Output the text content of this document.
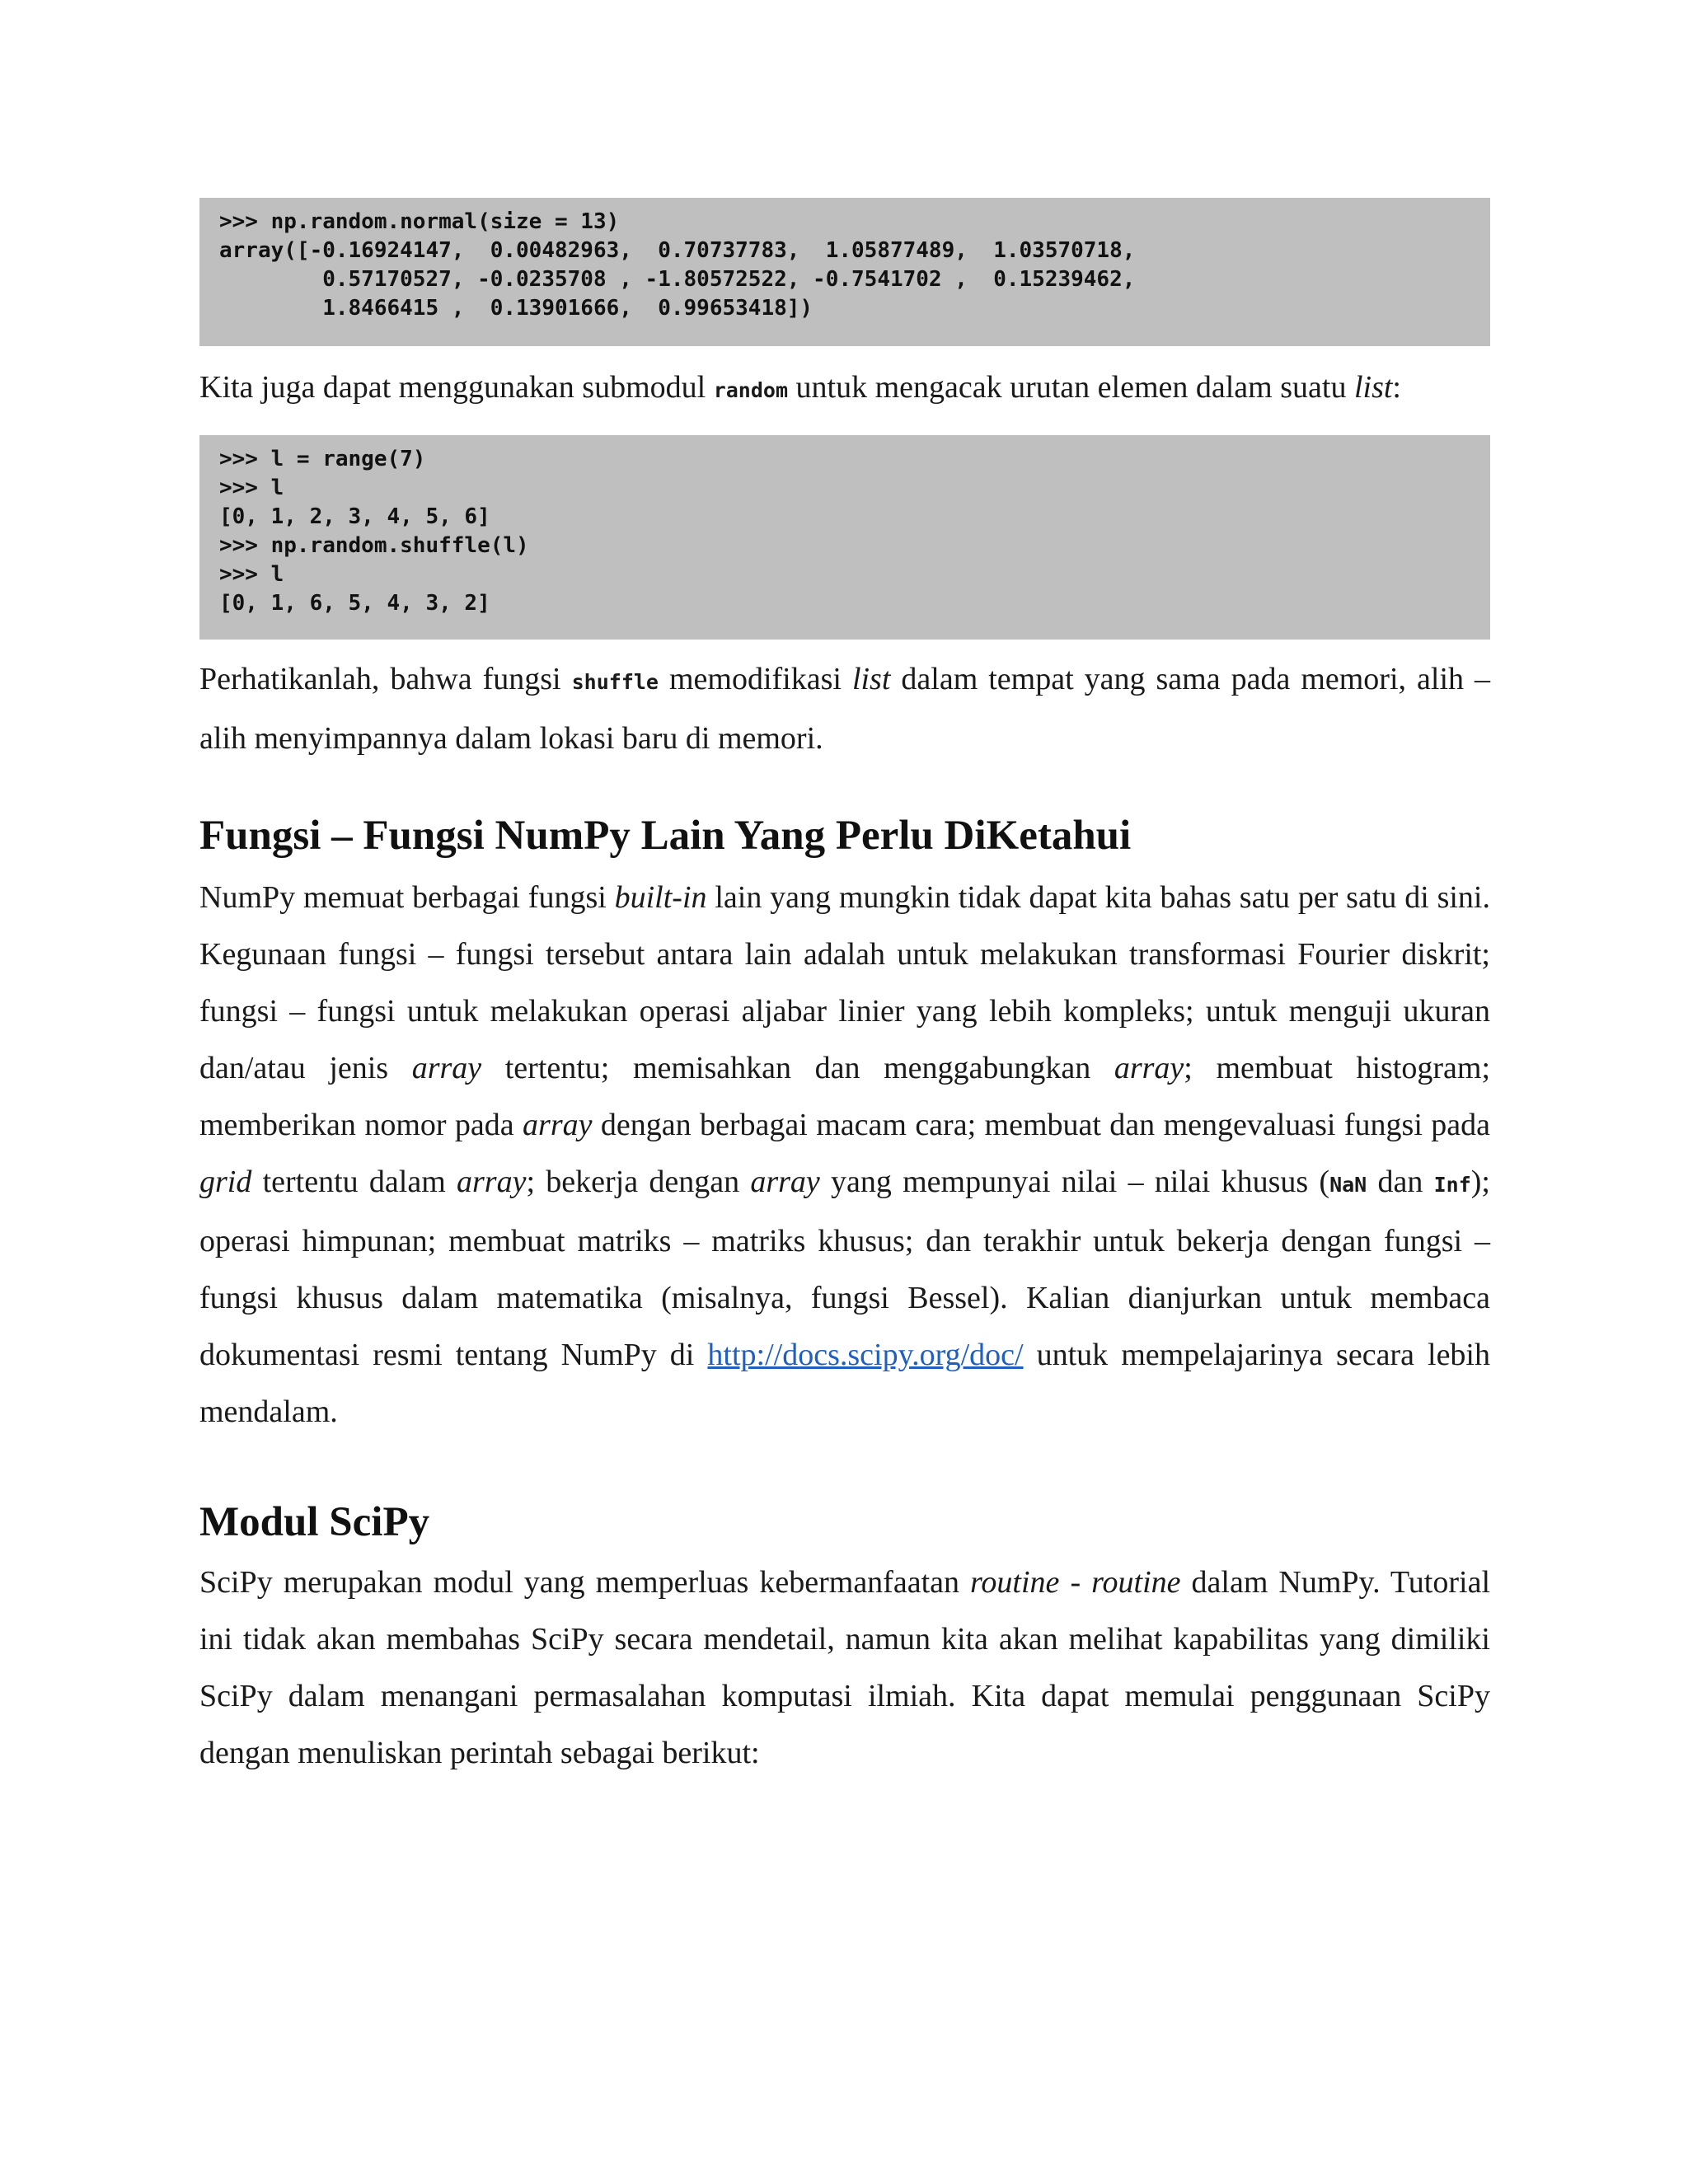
>>> np.random.normal(size = 13)
array([-0.16924147,  0.00482963,  0.70737783,  1.05877489,  1.03570718,
0.57170527, -0.0235708 , -1.80572522, -0.7541702 ,  0.15239462,
1.8466415 ,  0.13901666,  0.99653418])

Kita juga dapat menggunakan submodul random untuk mengacak urutan elemen dalam suatu list:

>>> l = range(7)
>>> l
[0, 1, 2, 3, 4, 5, 6]
>>> np.random.shuffle(l)
>>> l
[0, 1, 6, 5, 4, 3, 2]

Perhatikanlah, bahwa fungsi shuffle memodifikasi list dalam tempat yang sama pada memori, alih – alih menyimpannya dalam lokasi baru di memori.

Fungsi – Fungsi NumPy Lain Yang Perlu DiKetahui

NumPy memuat berbagai fungsi built-in lain yang mungkin tidak dapat kita bahas satu per satu di sini. Kegunaan fungsi – fungsi tersebut antara lain adalah untuk melakukan transformasi Fourier diskrit; fungsi – fungsi untuk melakukan operasi aljabar linier yang lebih kompleks; untuk menguji ukuran dan/atau jenis array tertentu; memisahkan dan menggabungkan array; membuat histogram; memberikan nomor pada array dengan berbagai macam cara; membuat dan mengevaluasi fungsi pada grid tertentu dalam array; bekerja dengan array yang mempunyai nilai – nilai khusus (NaN dan Inf); operasi himpunan; membuat matriks – matriks khusus; dan terakhir untuk bekerja dengan fungsi – fungsi khusus dalam matematika (misalnya, fungsi Bessel). Kalian dianjurkan untuk membaca dokumentasi resmi tentang NumPy di http://docs.scipy.org/doc/ untuk mempelajarinya secara lebih mendalam.

Modul SciPy

SciPy merupakan modul yang memperluas kebermanfaatan routine - routine dalam NumPy. Tutorial ini tidak akan membahas SciPy secara mendetail, namun kita akan melihat kapabilitas yang dimiliki SciPy dalam menangani permasalahan komputasi ilmiah. Kita dapat memulai penggunaan SciPy dengan menuliskan perintah sebagai berikut:
